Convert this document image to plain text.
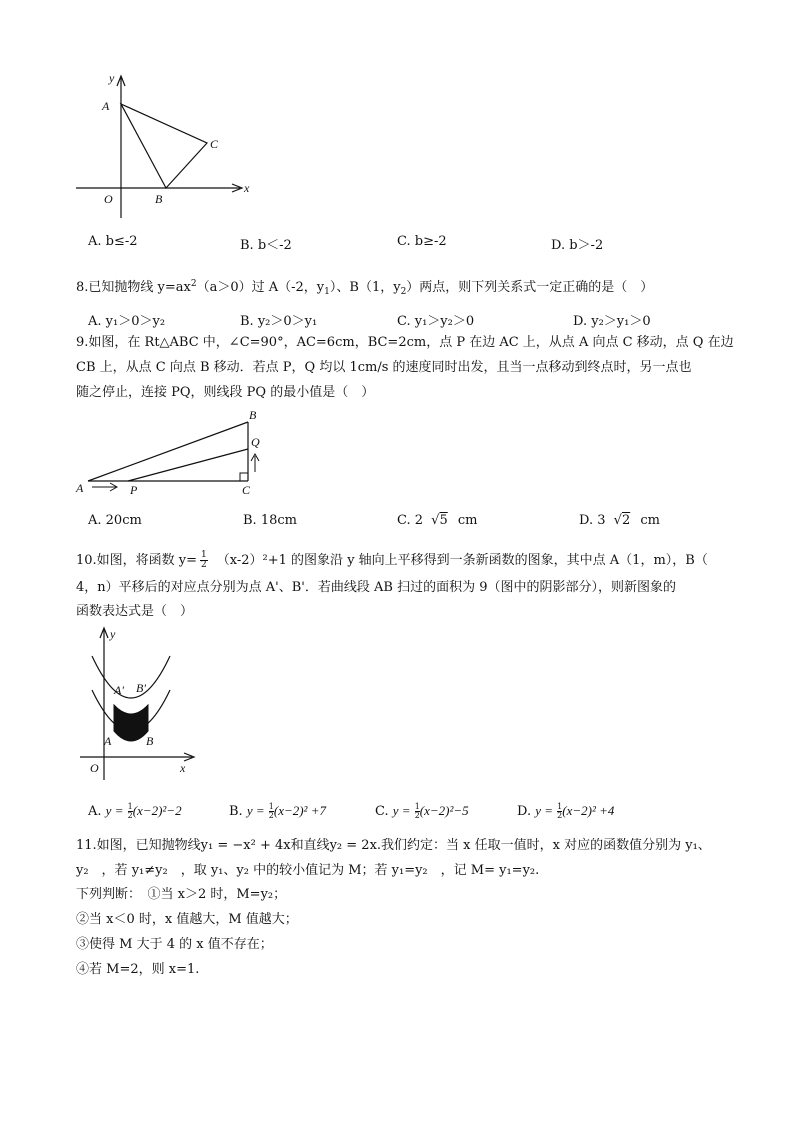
y
x
A
O	B
C
A. b≤-2	B. b＜-2	C. b≥-2	D. b＞-2
8.已知抛物线 $y=ax^2(a>0)$过 A（-2，$y_1$）、B（1，$y_2$）两点，则下列关系式一定正确的是（　）
A. y₁＞0＞y₂	B. y₂＞0＞y₁	C. y₁＞y₂＞0	D. y₂＞y₁＞0
9.如图，在 Rt△ABC 中，∠C=90°，AC=6cm，BC=2cm，点 P 在边 AC 上，从点 A 向点 C 移动，点 Q 在边
CB 上，从点 C 向点 B 移动．若点 P，Q 均以 1cm/s 的速度同时出发，且当一点移动到终点时，另一点也
随之停止，连接 PQ，则线段 PQ 的最小值是（　）
B
Q
A	P	C
A. 20cm	B. 18cm	C. 2 √5 cm	D. 3 √2 cm
10.如图，将函数 $y= \frac{1}{2} (x-2)^2+1$ 的图象沿 y 轴向上平移得到一条新函数的图象，其中点 A（1，m），B（
4，n）平移后的对应点分别为点 A'、B'．若曲线段 AB 扫过的面积为 9（图中的阴影部分），则新图象的
函数表达式是（　）
y
A' B'
A	B
O	x
A. $y = \frac{1}{2} (x-2)^2-2$	B. $y = \frac{1}{2} (x-2)^2 +7$	C. $y = \frac{1}{2} (x-2)^2-5$	D. $y = \frac{1}{2} (x-2)^2 +4$
11.如图，已知抛物线y₁ = −x² + 4x和直线y₂ = 2x.我们约定：当 x 任取一值时，x 对应的函数值分别为 y₁、
y₂　，若 y₁≠y₂　，取 y₁、y₂ 中的较小值记为 M；若 y₁=y₂　，记 M= y₁=y₂.
下列判断：　①当 x＞2 时，M=y₂；
②当 x＜0 时，x 值越大，M 值越大；
③使得 M 大于 4 的 x 值不存在；
④若 M=2，则 x=1.
